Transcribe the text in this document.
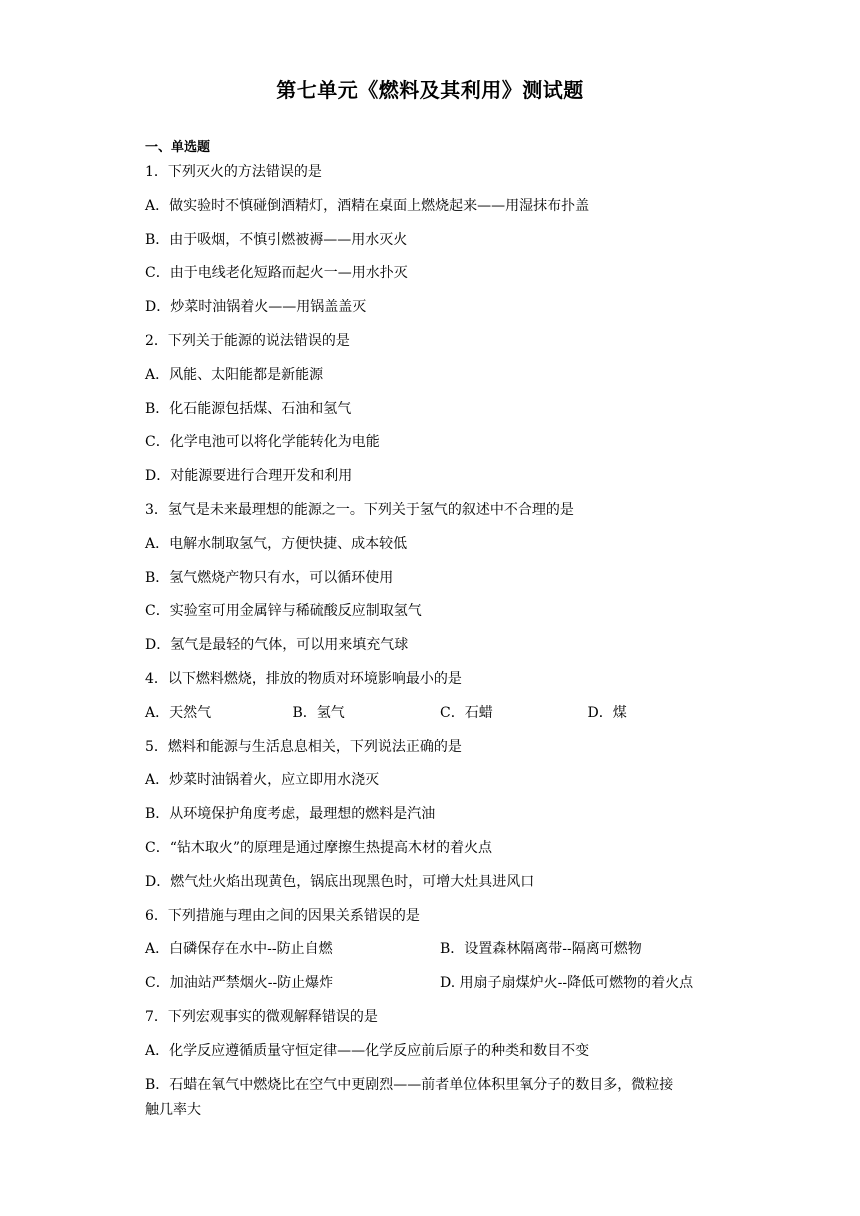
第七单元《燃料及其利用》测试题
一、单选题
1．下列灭火的方法错误的是
A．做实验时不慎碰倒酒精灯，酒精在桌面上燃烧起来——用湿抹布扑盖
B．由于吸烟，不慎引燃被褥——用水灭火
C．由于电线老化短路而起火一—用水扑灭
D．炒菜时油锅着火——用锅盖盖灭
2．下列关于能源的说法错误的是
A．风能、太阳能都是新能源
B．化石能源包括煤、石油和氢气
C．化学电池可以将化学能转化为电能
D．对能源要进行合理开发和利用
3．氢气是未来最理想的能源之一。下列关于氢气的叙述中不合理的是
A．电解水制取氢气，方便快捷、成本较低
B．氢气燃烧产物只有水，可以循环使用
C．实验室可用金属锌与稀硫酸反应制取氢气
D．氢气是最轻的气体，可以用来填充气球
4．以下燃料燃烧，排放的物质对环境影响最小的是
A．天然气	B．氢气	C．石蜡	D．煤
5．燃料和能源与生活息息相关，下列说法正确的是
A．炒菜时油锅着火，应立即用水浇灭
B．从环境保护角度考虑，最理想的燃料是汽油
C．“钻木取火”的原理是通过摩擦生热提高木材的着火点
D．燃气灶火焰出现黄色，锅底出现黑色时，可增大灶具进风口
6．下列措施与理由之间的因果关系错误的是
A．白磷保存在水中--防止自燃	B．设置森林隔离带--隔离可燃物
C．加油站严禁烟火--防止爆炸	D. 用扇子扇煤炉火--降低可燃物的着火点
7．下列宏观事实的微观解释错误的是
A．化学反应遵循质量守恒定律——化学反应前后原子的种类和数目不变
B．石蜡在氧气中燃烧比在空气中更剧烈——前者单位体积里氧分子的数目多，微粒接
触几率大
